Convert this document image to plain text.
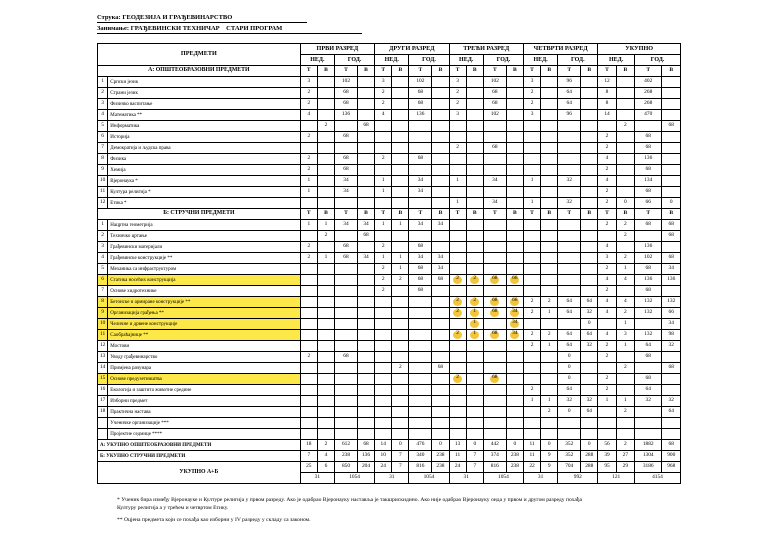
Струка: ГЕОДЕЗИЈА И ГРАЂЕВИНАРСТВО
Занимање: ГРАЂЕВИНСКИ ТЕХНИЧАР    СТАРИ ПРОГРАМ
ПРЕДМЕТИ		ПРВИ РАЗРЕД				ДРУГИ РАЗРЕД				ТРЕЋИ РАЗРЕД				ЧЕТВРТИ РАЗРЕД				УКУПНО			
		НЕД.		ГОД.		НЕД.		ГОД.		НЕД.		ГОД.		НЕД.		ГОД.		НЕД.		ГОД.	
А: ОПШТЕОБРАЗОВНИ ПРЕДМЕТИ		Т	В	Т	В	Т	В	Т	В	Т	В	Т	В	Т	В	Т	В	Т	В	Т	В
1	Српски језик	3		102		3		102		3		102		3		96		12		402	
2	Страни језик	2		68		2		68		2		68		2		64		8		268	
3	Физичко васпитање	2		68		2		68		2		68		2		64		8		268	
4	Математика **	4		136		4		136		3		102		3		96		14		470	
5	Информатика		2		68														2		68
6	Историја	2		68														2		68	
7	Демократија и људска права									2		68						2		68	
8	Физика	2		68		2		68										4		136	
9	Хемија	2		68														2		68	
10	Вјеронаука *	1		34		1		34		1		34		1		32		4		134	
11	Култура религија *	1		34		1		34										2		68	
12	Етика *									1		34		1		32		2	0	66	0
Б: СТРУЧНИ ПРЕДМЕТИ		Т	В	Т	В	Т	В	Т	В	Т	В	Т	В	Т	В	Т	В	Т	В	Т	В
1	Нацртна геометрија	1	1	34	34	1	1	34	34									2	2	68	68
2	Техничко цртање		2		68														2		68
3	Грађевински материјали	2		68		2		68										4		136	
4	Грађевинске конструкције **	2	1	68	34	1	1	34	34									3	2	102	68
5	Механика са инфраструктуром					2	1	68	34									2	1	68	34
6	Статика носећих конструкција					2	2	68	68	2	2	68	68					4	4	136	136
7	Основе хидротехнике					2		68										2		68	
8	Бетонске и армиране конструкције **									2	2	68	68	2	2	64	64	4	4	132	132
9	Организација грађења **									2	1	68	34	2	1	64	32	4	2	132	66
10	Челичне и дрвене конструкције										1		34				0		1		34
11	Саобраћајнице **									2	1	68	34	2	2	64	64	4	3	132	98
12	Мостови													2	1	64	32	2	1	64	32
13	Уводу грађевинарство	2		68												0		2		68	
14	Примјена рачунара						2		68							0			2		68
15	Основе предузетништва									2		68				0		2		68	
16	Екологија и заштита животне средине													2		64		2		64	
17	Изборни предмет													1	1	32	32	1	1	32	32
18	Практична настава														2	0	64		2		64
	Ученичке организације ***																				
	Пројектне седмице ****																				
А: УКУПНО ОПШТЕОБРАЗОВНИ ПРЕДМЕТИ		18	2	612	68	14	0	476	0	13	0	442	0	11	0	352	0	56	2	1882	68
Б: УКУПНО СТРУЧНИ ПРЕДМЕТИ		7	4	238	136	10	7	340	238	11	7	374	238	11	9	352	288	39	27	1304	900
УКУПНО А+Б		25	6	850	204	24	7	816	238	24	7	816	238	22	9	704	288	95	29	3186	968
		31		1054		31		1054		31		1054		31		992		121		4154	

* Ученик бира између Вјеронауке и Културе религија у првом разреду. Ако је одабрао Вјеронауку наставља је такшрискидино. Ако није одабрао Вјеронауку онда у првом и другом разреду похађа Културу религија а у трећем и четвртом Етику.

** Оцјена предмета који се похађа као изборни у IV разреду у складу са законом.
